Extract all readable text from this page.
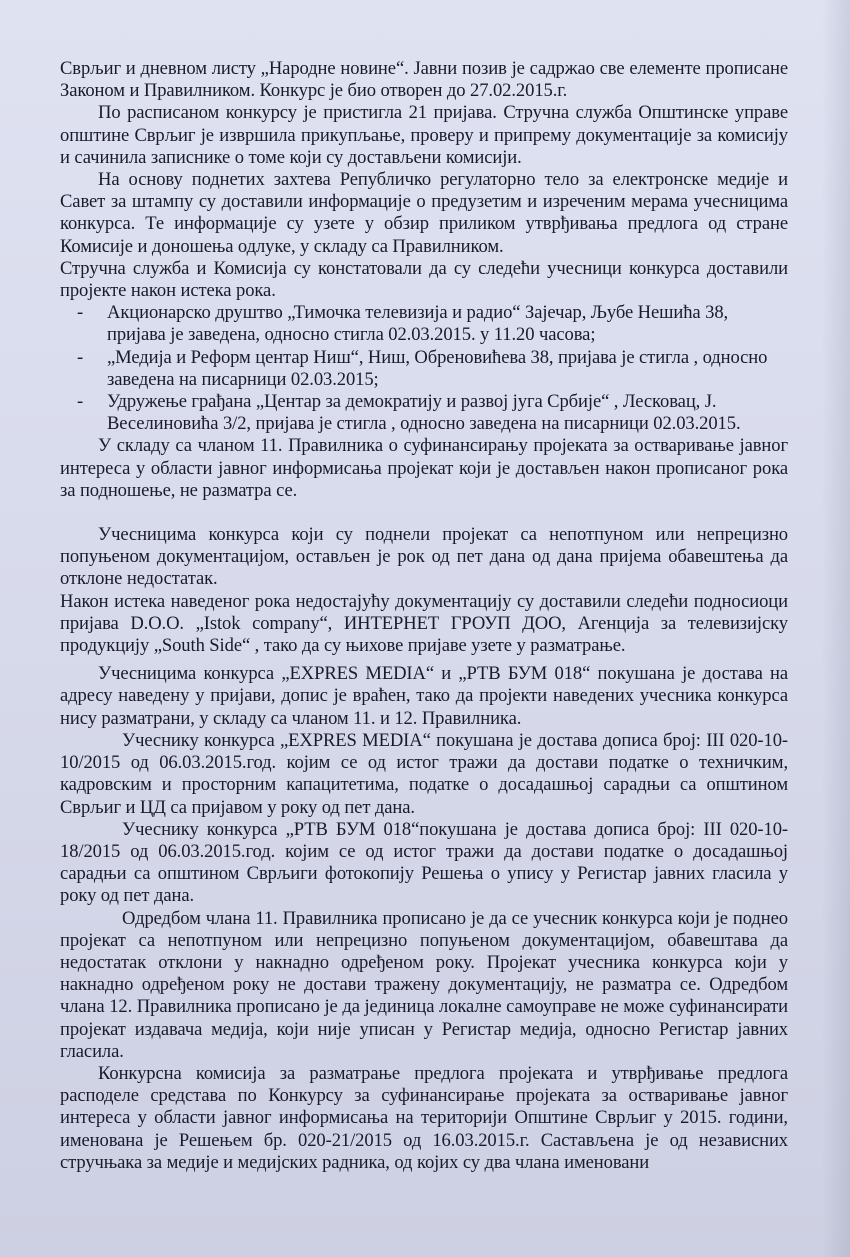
Сврљиг и дневном листу „Народне новине“. Јавни позив је садржао све елементе прописане Законом и Правилником. Конкурс је био отворен до 27.02.2015.г.

По расписаном конкурсу је пристигла 21 пријава. Стручна служба Општинске управе општине Сврљиг је извршила прикупљање, проверу и припрему документације за комисију и сачинила записнике о томе који су достављени комисији.

На основу поднетих захтева Републичко регулаторно тело за електронске медије и Савет за штампу су доставили информације о предузетим и изреченим мерама учесницима конкурса. Те информације су узете у обзир приликом утврђивања предлога од стране Комисије и доношења одлуке, у складу са Правилником.

Стручна служба и Комисија су констатовали да су следећи учесници конкурса доставили пројекте након истека рока.

- Акционарско друштво „Тимочка телевизија и радио“ Зајечар, Љубе Нешића 38, пријава је заведена, односно стигла 02.03.2015. у 11.20 часова;
- „Медија и Реформ центар Ниш“, Ниш, Обреновићева 38, пријава је стигла , односно заведена на писарници 02.03.2015;
- Удружење грађана „Центар за демократију и развој југа Србије“ , Лесковац, Ј. Веселиновића 3/2, пријава је стигла , односно заведена на писарници 02.03.2015.

У складу са чланом 11. Правилника о суфинансирању пројеката за остваривање јавног интереса у области јавног информисања пројекат који је достављен након прописаног рока за подношење, не разматра се.

Учесницима конкурса који су поднели пројекат са непотпуном или непрецизно попуњеном документацијом, остављен је рок од пет дана од дана пријема обавештења да отклоне недостатак.

Након истека наведеног рока недостајућу документацију су доставили следећи подносиоци пријава D.O.O. „Istok company“, ИНТЕРНЕТ ГРОУП ДОО, Агенција за телевизијску продукцију „South Side“ , тако да су њихове пријаве узете у разматрање.

Учесницима конкурса „EXPRES MEDIA“ и „РТВ БУМ 018“ покушана је достава на адресу наведену у пријави, допис је враћен, тако да пројекти наведених учесника конкурса нису разматрани, у складу са чланом 11. и 12. Правилника.

Учеснику конкурса „EXPRES MEDIA“ покушана је достава дописа број: III 020-10-10/2015 од 06.03.2015.год. којим се од истог тражи да достави податке о техничким, кадровским и просторним капацитетима, податке о досадашњој сарадњи са општином Сврљиг и ЦД са пријавом у року од пет дана.

Учеснику конкурса „РТВ БУМ 018“покушана је достава дописа број: III 020-10-18/2015 од 06.03.2015.год. којим се од истог тражи да достави податке о досадашњој сарадњи са општином Сврљиги фотокопију Решења о упису у Регистар јавних гласила у року од пет дана.

Одредбом члана 11. Правилника прописано је да се учесник конкурса који је поднео пројекат са непотпуном или непрецизно попуњеном документацијом, обавештава да недостатак отклони у накнадно одређеном року. Пројекат учесника конкурса који у накнадно одређеном року не достави тражену документацију, не разматра се. Одредбом члана 12. Правилника прописано је да јединица локалне самоуправе не може суфинансирати пројекат издавача медија, који није уписан у Регистар медија, односно Регистар јавних гласила.

Конкурсна комисија за разматрање предлога пројеката и утврђивање предлога расподеле средстава по Конкурсу за суфинансирање пројеката за остваривање јавног интереса у области јавног информисања на територији Општине Сврљиг у 2015. години, именована је Решењем бр. 020-21/2015 од 16.03.2015.г. Састављена је од независних стручњака за медије и медијских радника, од којих су два члана именовани
